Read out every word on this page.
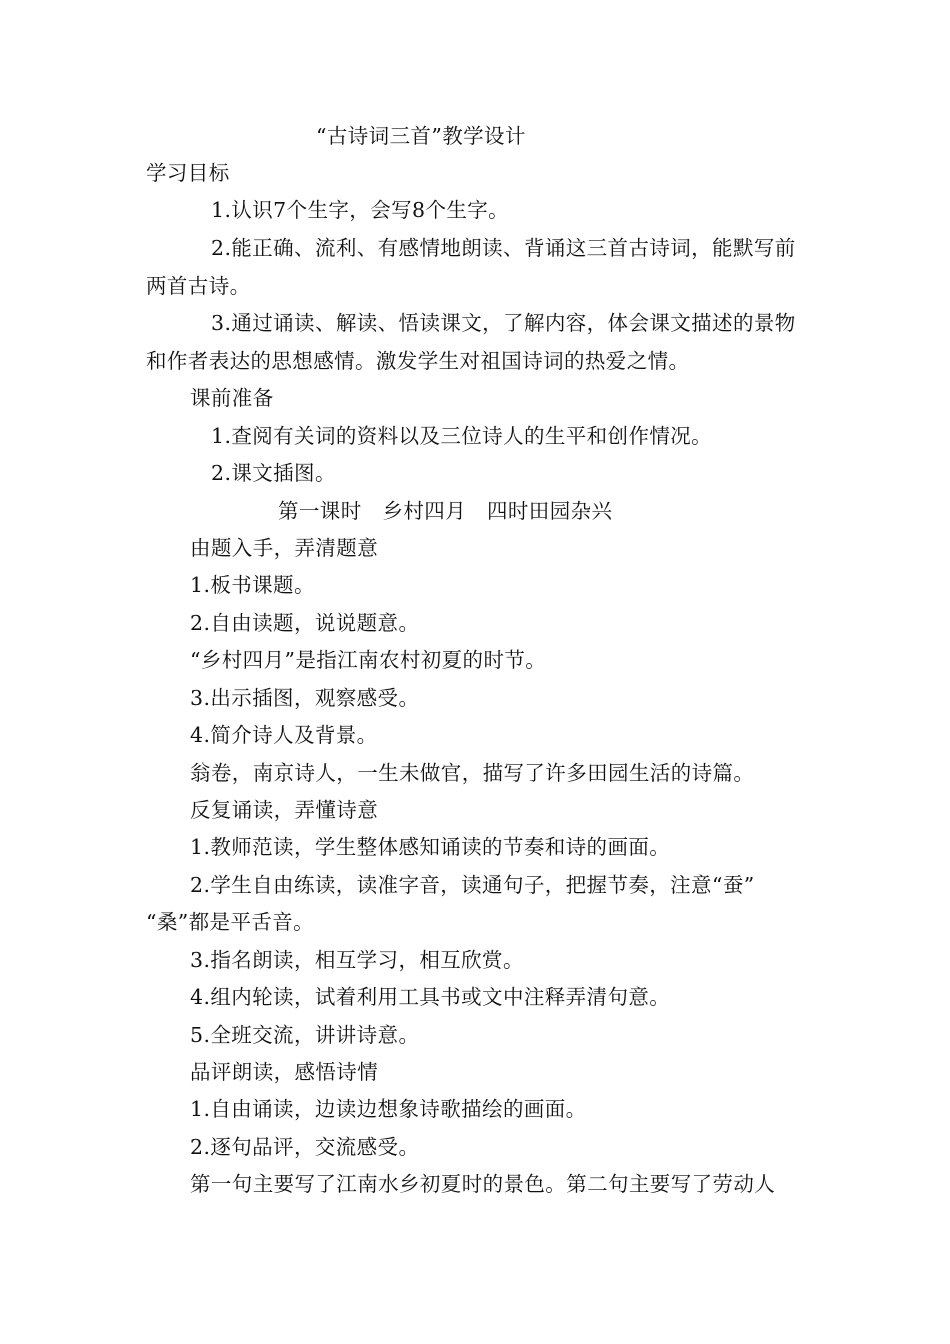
“古诗词三首”教学设计
学习目标
1.认识7个生字，会写8个生字。
2.能正确、流利、有感情地朗读、背诵这三首古诗词，能默写前
两首古诗。
3.通过诵读、解读、悟读课文，了解内容，体会课文描述的景物
和作者表达的思想感情。激发学生对祖国诗词的热爱之情。
课前准备
1.查阅有关词的资料以及三位诗人的生平和创作情况。
2.课文插图。
第一课时　乡村四月　四时田园杂兴
由题入手，弄清题意
1.板书课题。
2.自由读题，说说题意。
“乡村四月”是指江南农村初夏的时节。
3.出示插图，观察感受。
4.简介诗人及背景。
翁卷，南京诗人，一生未做官，描写了许多田园生活的诗篇。
反复诵读，弄懂诗意
1.教师范读，学生整体感知诵读的节奏和诗的画面。
2.学生自由练读，读准字音，读通句子，把握节奏，注意“蚕”
“桑”都是平舌音。
3.指名朗读，相互学习，相互欣赏。
4.组内轮读，试着利用工具书或文中注释弄清句意。
5.全班交流，讲讲诗意。
品评朗读，感悟诗情
1.自由诵读，边读边想象诗歌描绘的画面。
2.逐句品评，交流感受。
第一句主要写了江南水乡初夏时的景色。第二句主要写了劳动人
